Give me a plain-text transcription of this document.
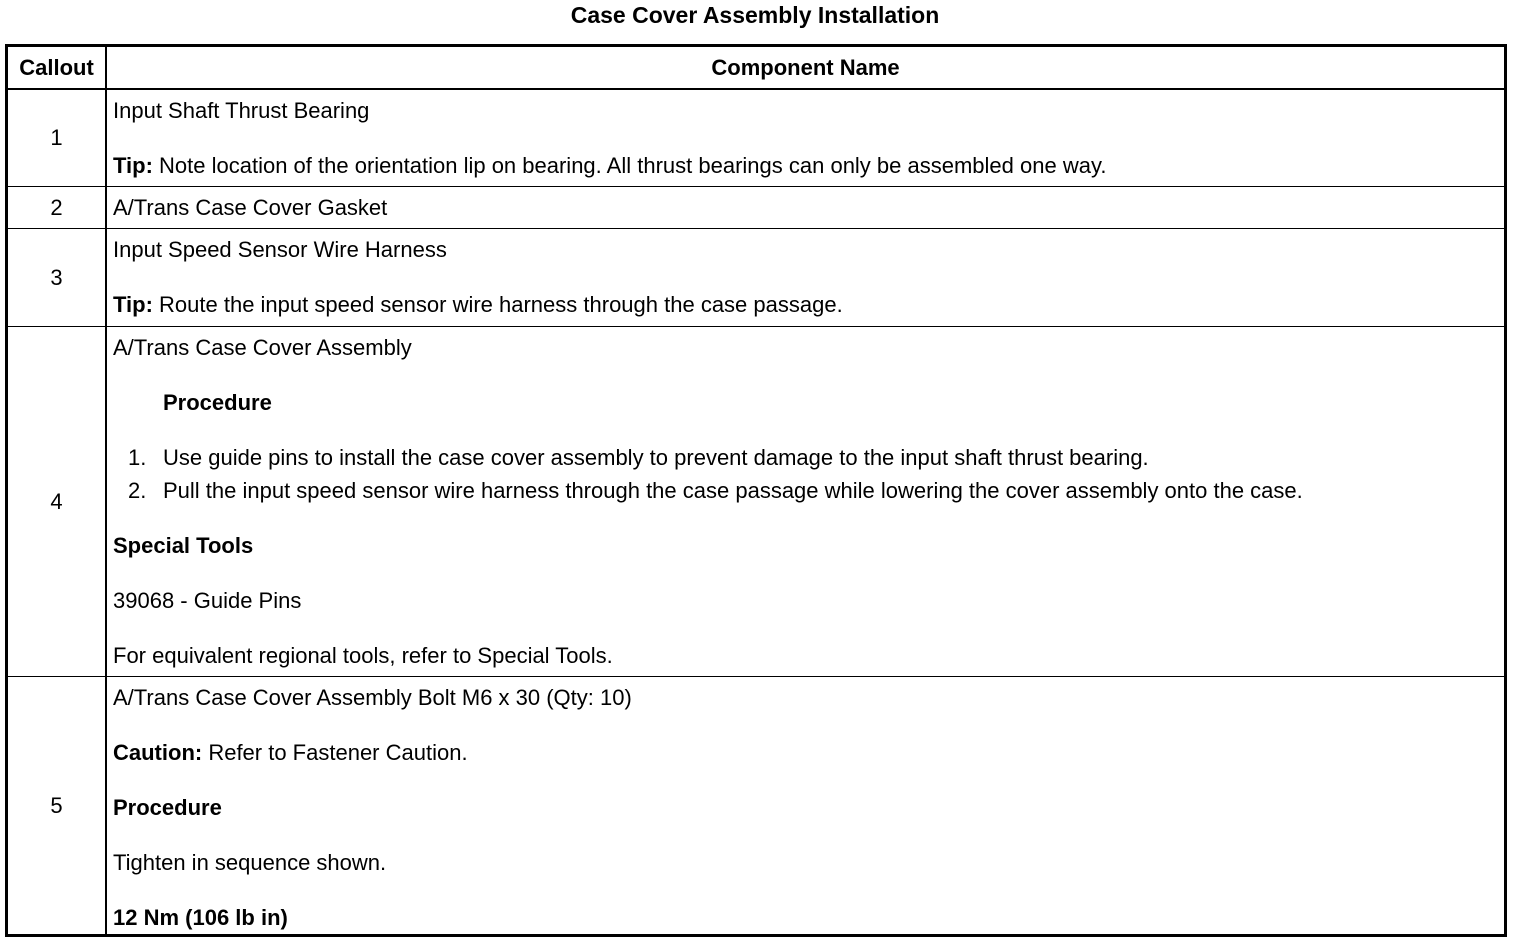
Case Cover Assembly Installation
Callout	Component Name
1
Input Shaft Thrust Bearing
Tip: Note location of the orientation lip on bearing. All thrust bearings can only be assembled one way.
2	A/Trans Case Cover Gasket
3
Input Speed Sensor Wire Harness
Tip: Route the input speed sensor wire harness through the case passage.
4
A/Trans Case Cover Assembly
Procedure
1. Use guide pins to install the case cover assembly to prevent damage to the input shaft thrust bearing.
2. Pull the input speed sensor wire harness through the case passage while lowering the cover assembly onto the case.
Special Tools
39068 - Guide Pins
For equivalent regional tools, refer to Special Tools.
5
A/Trans Case Cover Assembly Bolt M6 x 30 (Qty: 10)
Caution: Refer to Fastener Caution.
Procedure
Tighten in sequence shown.
12 Nm (106 lb in)
